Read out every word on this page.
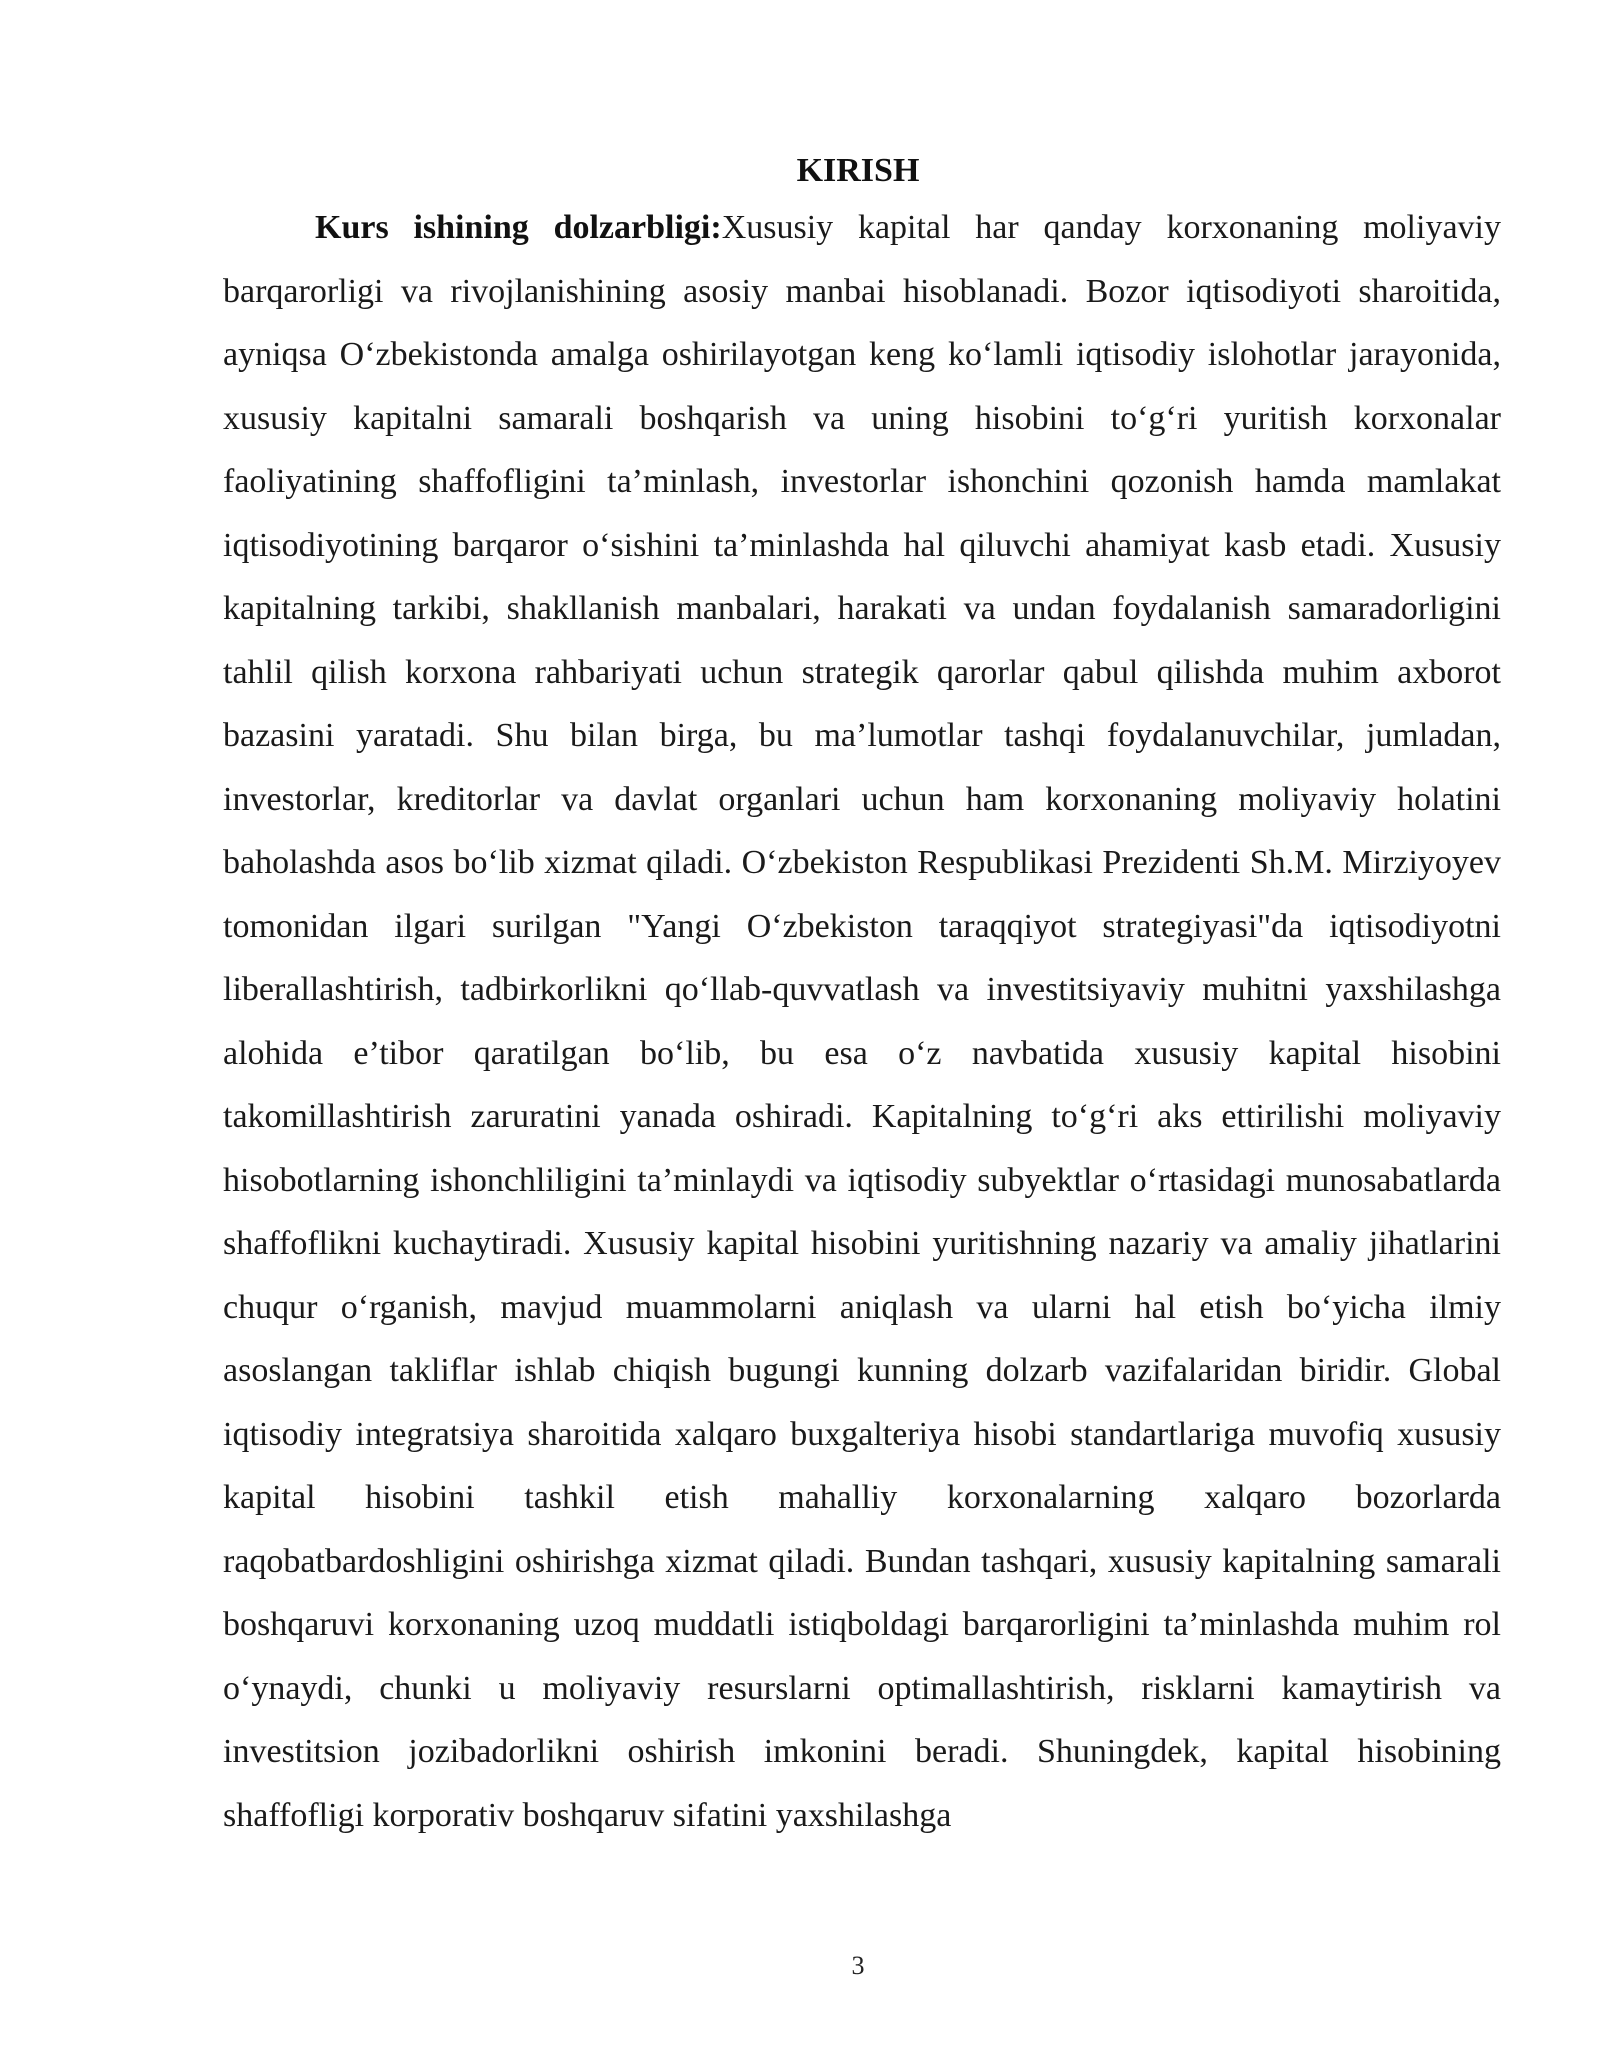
KIRISH

Kurs ishining dolzarbligi:Xususiy kapital har qanday korxonaning moliyaviy barqarorligi va rivojlanishining asosiy manbai hisoblanadi. Bozor iqtisodiyoti sharoitida, ayniqsa O‘zbekistonda amalga oshirilayotgan keng ko‘lamli iqtisodiy islohotlar jarayonida, xususiy kapitalni samarali boshqarish va uning hisobini to‘g‘ri yuritish korxonalar faoliyatining shaffofligini ta’minlash, investorlar ishonchini qozonish hamda mamlakat iqtisodiyotining barqaror o‘sishini ta’minlashda hal qiluvchi ahamiyat kasb etadi. Xususiy kapitalning tarkibi, shakllanish manbalari, harakati va undan foydalanish samaradorligini tahlil qilish korxona rahbariyati uchun strategik qarorlar qabul qilishda muhim axborot bazasini yaratadi. Shu bilan birga, bu ma’lumotlar tashqi foydalanuvchilar, jumladan, investorlar, kreditorlar va davlat organlari uchun ham korxonaning moliyaviy holatini baholashda asos bo‘lib xizmat qiladi. O‘zbekiston Respublikasi Prezidenti Sh.M. Mirziyoyev tomonidan ilgari surilgan "Yangi O‘zbekiston taraqqiyot strategiyasi"da iqtisodiyotni liberallashtirish, tadbirkorlikni qo‘llab-quvvatlash va investitsiyaviy muhitni yaxshilashga alohida e’tibor qaratilgan bo‘lib, bu esa o‘z navbatida xususiy kapital hisobini takomillashtirish zaruratini yanada oshiradi. Kapitalning to‘g‘ri aks ettirilishi moliyaviy hisobotlarning ishonchliligini ta’minlaydi va iqtisodiy subyektlar o‘rtasidagi munosabatlarda shaffoflikni kuchaytiradi. Xususiy kapital hisobini yuritishning nazariy va amaliy jihatlarini chuqur o‘rganish, mavjud muammolarni aniqlash va ularni hal etish bo‘yicha ilmiy asoslangan takliflar ishlab chiqish bugungi kunning dolzarb vazifalaridan biridir. Global iqtisodiy integratsiya sharoitida xalqaro buxgalteriya hisobi standartlariga muvofiq xususiy kapital hisobini tashkil etish mahalliy korxonalarning xalqaro bozorlarda raqobatbardoshligini oshirishga xizmat qiladi. Bundan tashqari, xususiy kapitalning samarali boshqaruvi korxonaning uzoq muddatli istiqboldagi barqarorligini ta’minlashda muhim rol o‘ynaydi, chunki u moliyaviy resurslarni optimallashtirish, risklarni kamaytirish va investitsion jozibadorlikni oshirish imkonini beradi. Shuningdek, kapital hisobining shaffofligi korporativ boshqaruv sifatini yaxshilashga

3
